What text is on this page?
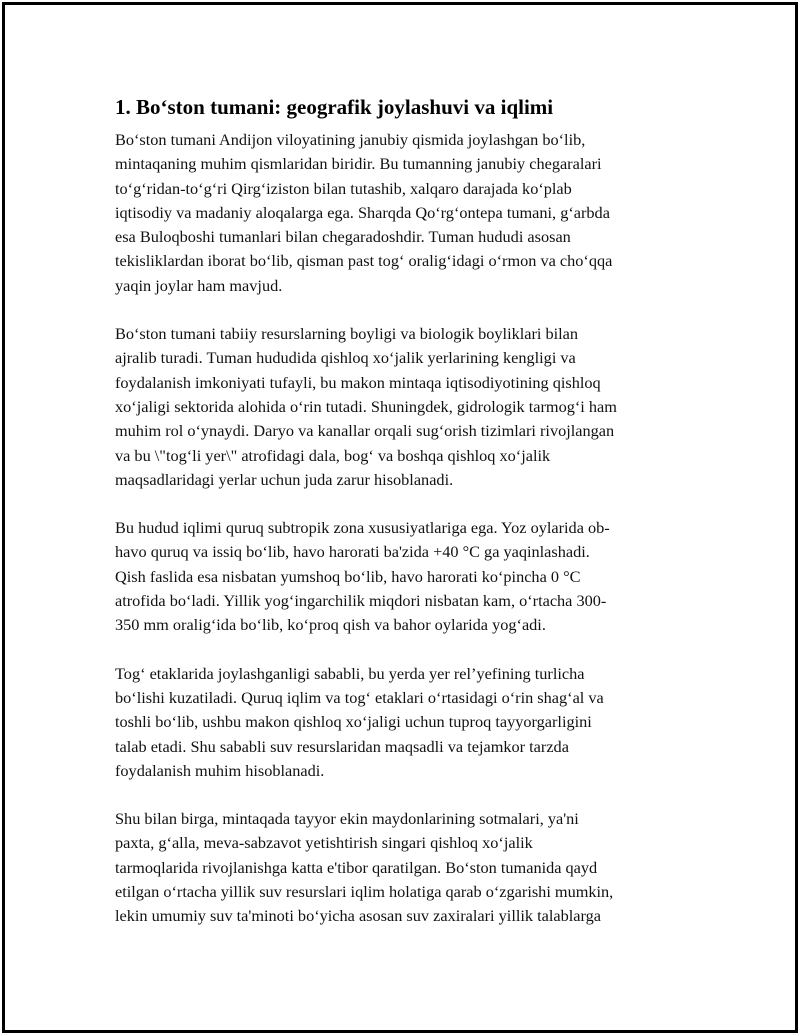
1. Bo‘ston tumani: geografik joylashuvi va iqlimi
Bo‘ston tumani Andijon viloyatining janubiy qismida joylashgan bo‘lib,
mintaqaning muhim qismlaridan biridir. Bu tumanning janubiy chegaralari
to‘g‘ridan-to‘g‘ri Qirg‘iziston bilan tutashib, xalqaro darajada ko‘plab
iqtisodiy va madaniy aloqalarga ega. Sharqda Qo‘rg‘ontepa tumani, g‘arbda
esa Buloqboshi tumanlari bilan chegaradoshdir. Tuman hududi asosan
tekisliklardan iborat bo‘lib, qisman past tog‘ oralig‘idagi o‘rmon va cho‘qqa
yaqin joylar ham mavjud.
Bo‘ston tumani tabiiy resurslarning boyligi va biologik boyliklari bilan
ajralib turadi. Tuman hududida qishloq xo‘jalik yerlarining kengligi va
foydalanish imkoniyati tufayli, bu makon mintaqa iqtisodiyotining qishloq
xo‘jaligi sektorida alohida o‘rin tutadi. Shuningdek, gidrologik tarmog‘i ham
muhim rol o‘ynaydi. Daryo va kanallar orqali sug‘orish tizimlari rivojlangan
va bu \"tog‘li yer\" atrofidagi dala, bog‘ va boshqa qishloq xo‘jalik
maqsadlaridagi yerlar uchun juda zarur hisoblanadi.
Bu hudud iqlimi quruq subtropik zona xususiyatlariga ega. Yoz oylarida ob-
havo quruq va issiq bo‘lib, havo harorati ba'zida +40 °C ga yaqinlashadi.
Qish faslida esa nisbatan yumshoq bo‘lib, havo harorati ko‘pincha 0 °C
atrofida bo‘ladi. Yillik yog‘ingarchilik miqdori nisbatan kam, o‘rtacha 300-
350 mm oralig‘ida bo‘lib, ko‘proq qish va bahor oylarida yog‘adi.
Tog‘ etaklarida joylashganligi sababli, bu yerda yer rel’yefining turlicha
bo‘lishi kuzatiladi. Quruq iqlim va tog‘ etaklari o‘rtasidagi o‘rin shag‘al va
toshli bo‘lib, ushbu makon qishloq xo‘jaligi uchun tuproq tayyorgarligini
talab etadi. Shu sababli suv resurslaridan maqsadli va tejamkor tarzda
foydalanish muhim hisoblanadi.
Shu bilan birga, mintaqada tayyor ekin maydonlarining sotmalari, ya'ni
paxta, g‘alla, meva-sabzavot yetishtirish singari qishloq xo‘jalik
tarmoqlarida rivojlanishga katta e'tibor qaratilgan. Bo‘ston tumanida qayd
etilgan o‘rtacha yillik suv resurslari iqlim holatiga qarab o‘zgarishi mumkin,
lekin umumiy suv ta'minoti bo‘yicha asosan suv zaxiralari yillik talablarga
